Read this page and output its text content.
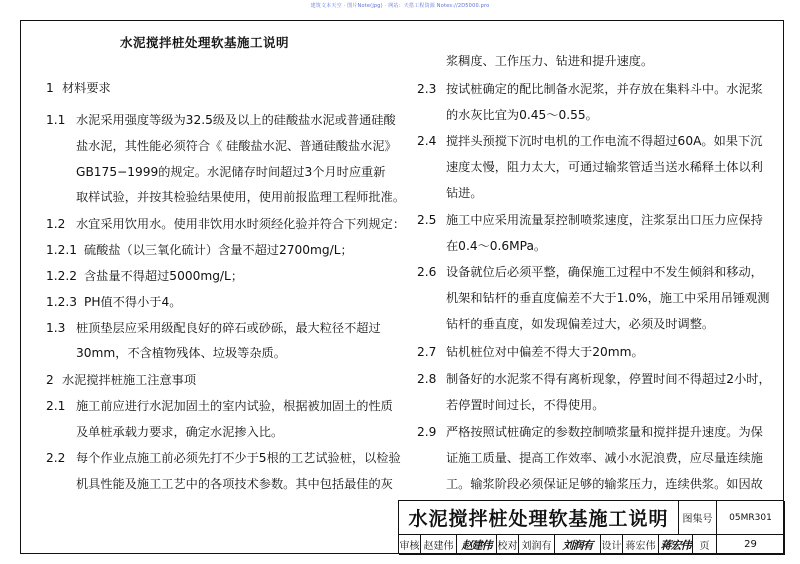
建筑文本天空 · 图片Note(jpg) · 网站：天搭工程资源 Notes://2D5000.pro
水泥搅拌桩处理软基施工说明
1 材料要求
1.1 水泥采用强度等级为32.5级及以上的硅酸盐水泥或普通硅酸
盐水泥，其性能必须符合《 硅酸盐水泥、普通硅酸盐水泥》
GB175−1999的规定。水泥储存时间超过3个月时应重新
取样试验，并按其检验结果使用，使用前报监理工程师批准。
1.2 水宜采用饮用水。使用非饮用水时须经化验并符合下列规定：
1.2.1 硫酸盐（以三氧化硫计）含量不超过2700mg/L；
1.2.2 含盐量不得超过5000mg/L；
1.2.3 PH值不得小于4。
1.3 桩顶垫层应采用级配良好的碎石或砂砾，最大粒径不超过
30mm，不含植物残体、垃圾等杂质。
2 水泥搅拌桩施工注意事项
2.1 施工前应进行水泥加固土的室内试验，根据被加固土的性质
及单桩承载力要求，确定水泥掺入比。
2.2 每个作业点施工前必须先打不少于5根的工艺试验桩，以检验
机具性能及施工工艺中的各项技术参数。其中包括最佳的灰
浆稠度、工作压力、钻进和提升速度。
2.3 按试桩确定的配比制备水泥浆，并存放在集料斗中。水泥浆
的水灰比宜为0.45～0.55。
2.4 搅拌头预搅下沉时电机的工作电流不得超过60A。如果下沉
速度太慢，阻力太大，可通过输浆管适当送水稀释土体以利
钻进。
2.5 施工中应采用流量泵控制喷浆速度，注浆泵出口压力应保持
在0.4～0.6MPa。
2.6 设备就位后必须平整，确保施工过程中不发生倾斜和移动，
机架和钻杆的垂直度偏差不大于1.0%，施工中采用吊锤观测
钻杆的垂直度，如发现偏差过大，必须及时调整。
2.7 钻机桩位对中偏差不得大于20mm。
2.8 制备好的水泥浆不得有离析现象，停置时间不得超过2小时，
若停置时间过长，不得使用。
2.9 严格按照试桩确定的参数控制喷浆量和搅拌提升速度。为保
证施工质量、提高工作效率、减小水泥浪费，应尽量连续施
工。输浆阶段必须保证足够的输浆压力，连续供浆。如因故
水泥搅拌桩处理软基施工说明	图集号	05MR301
审核 赵建伟 赵建伟 校对 刘润有	刘润有 设计 蒋宏伟 蒋宏伟 页	29
